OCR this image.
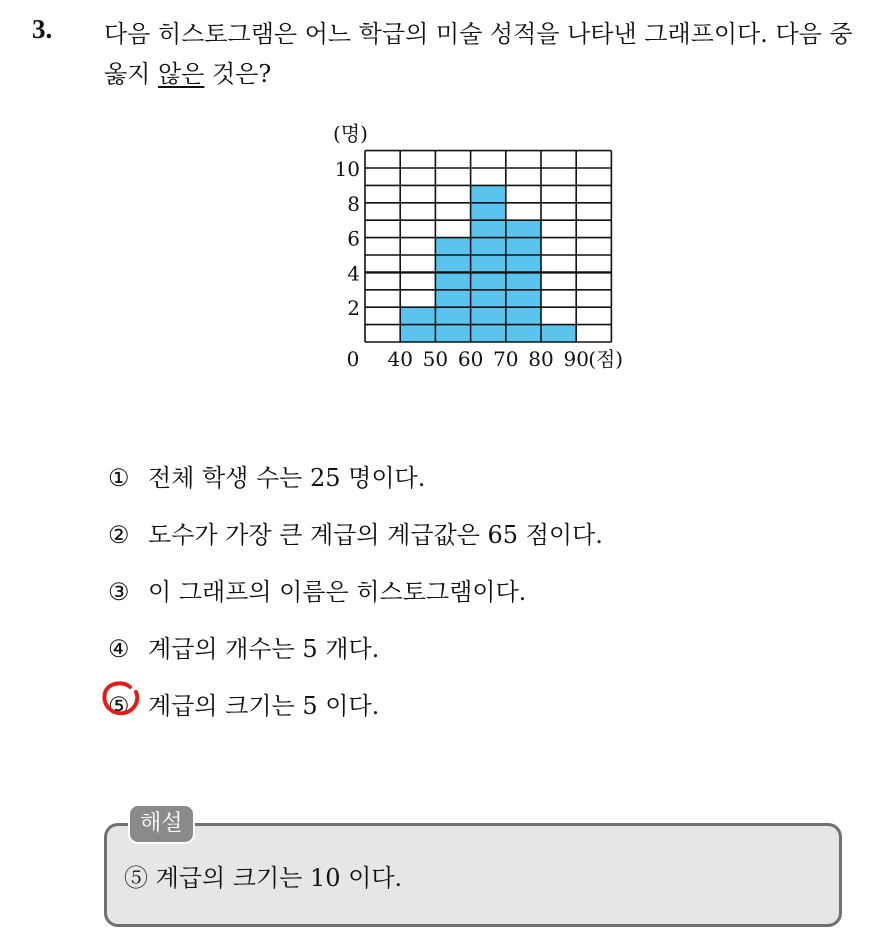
3. 다음 히스토그램은 어느 학급의 미술 성적을 나타낸 그래프이다. 다음 중 옳지 않은 것은?
2
4
6
8
10
40 50 60 70 80 90
0
(명)
(점)
① 전체 학생 수는 25 명이다.
② 도수가 가장 큰 계급의 계급값은 65 점이다.
③ 이 그래프의 이름은 히스토그램이다.
④ 계급의 개수는 5 개다.
⑤ 계급의 크기는 5 이다.
해설
⑤ 계급의 크기는 10 이다.
